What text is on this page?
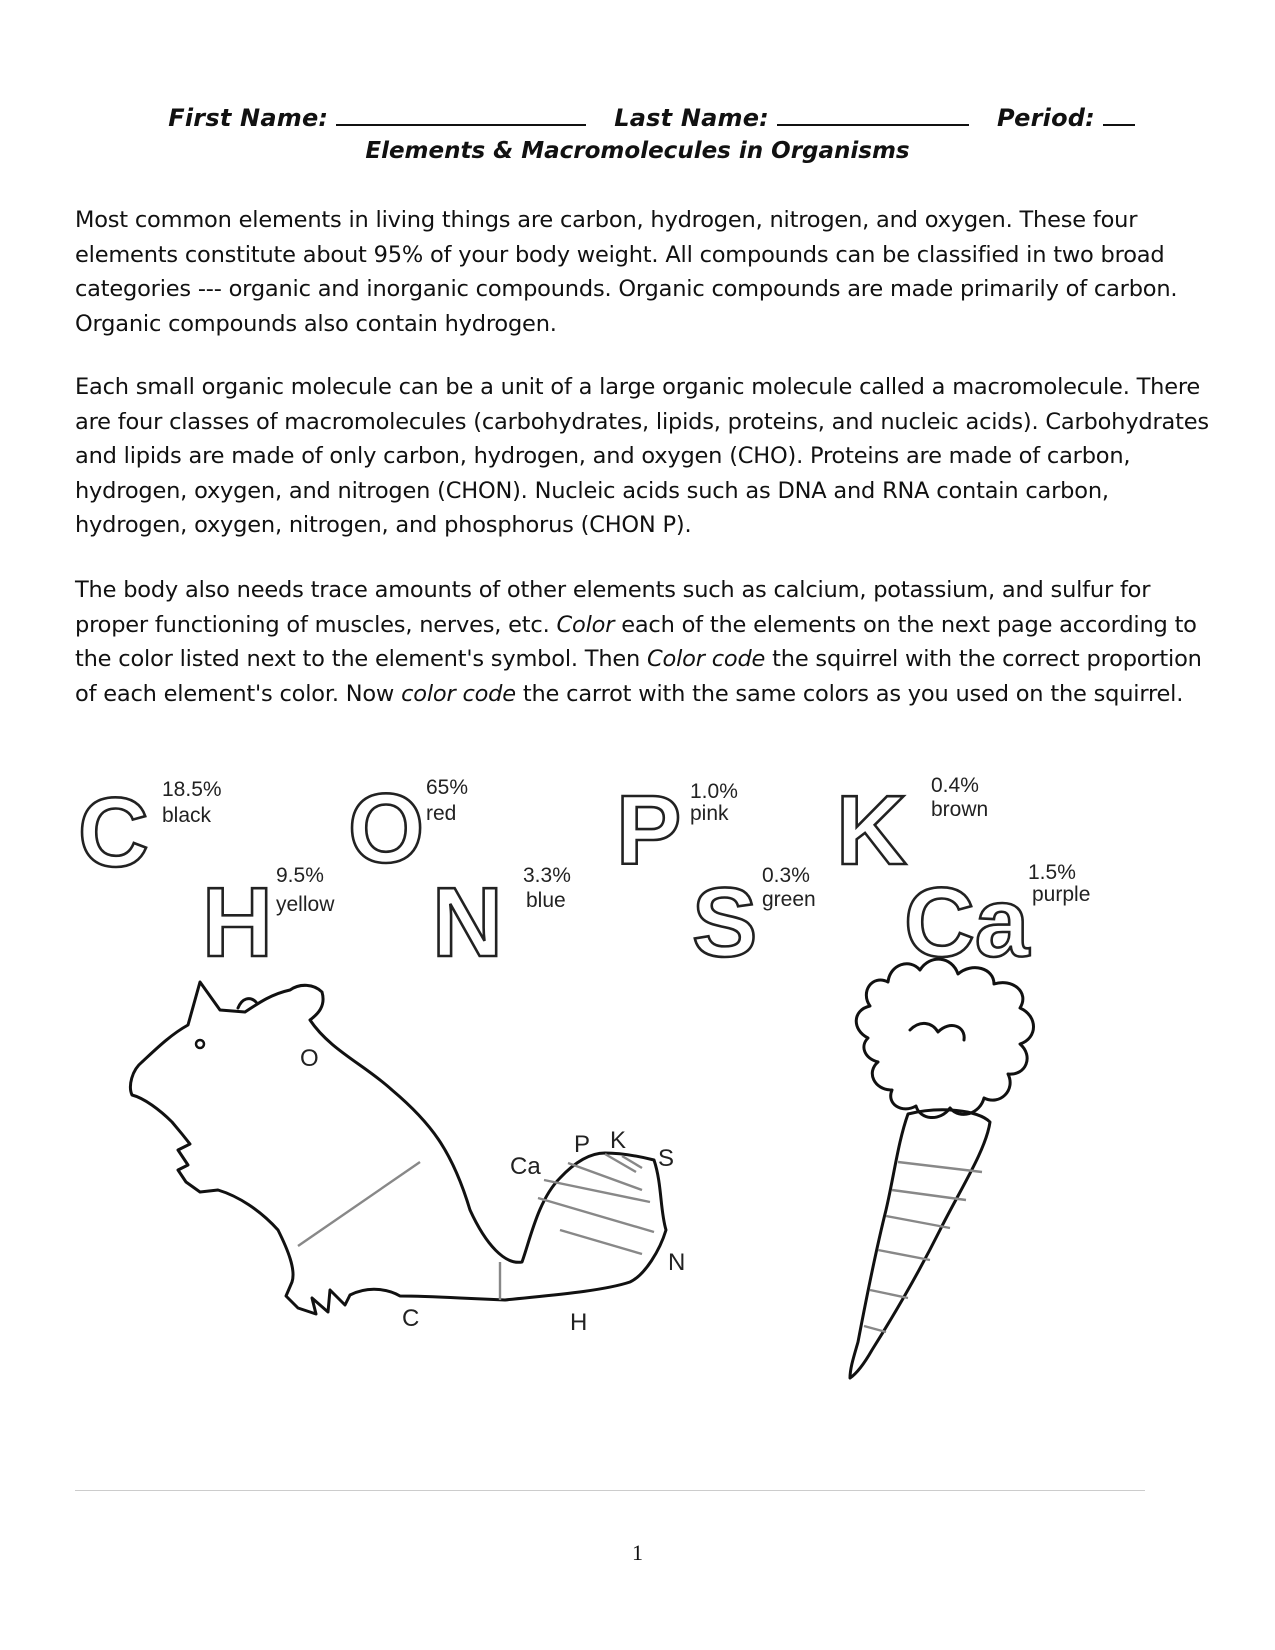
First Name:	Last Name:	Period:

Elements & Macromolecules in Organisms

Most common elements in living things are carbon, hydrogen, nitrogen, and oxygen. These four elements constitute about 95% of your body weight. All compounds can be classified in two broad categories --- organic and inorganic compounds. Organic compounds are made primarily of carbon. Organic compounds also contain hydrogen.

Each small organic molecule can be a unit of a large organic molecule called a macromolecule. There are four classes of macromolecules (carbohydrates, lipids, proteins, and nucleic acids). Carbohydrates and lipids are made of only carbon, hydrogen, and oxygen (CHO). Proteins are made of carbon, hydrogen, oxygen, and nitrogen (CHON). Nucleic acids such as DNA and RNA contain carbon, hydrogen, oxygen, nitrogen, and phosphorus (CHON P).

The body also needs trace amounts of other elements such as calcium, potassium, and sulfur for proper functioning of muscles, nerves, etc. Color each of the elements on the next page according to the color listed next to the element's symbol. Then Color code the squirrel with the correct proportion of each element's color. Now color code the carrot with the same colors as you used on the squirrel.

C 18.5%
black
H 9.5%
yellow
O 65%
red
N 3.3%
blue
P 1.0%
pink
S 0.3%
green
K 0.4%
brown
Ca
1.5%
purple
O
Ca
P K
S
N
C	H
1
